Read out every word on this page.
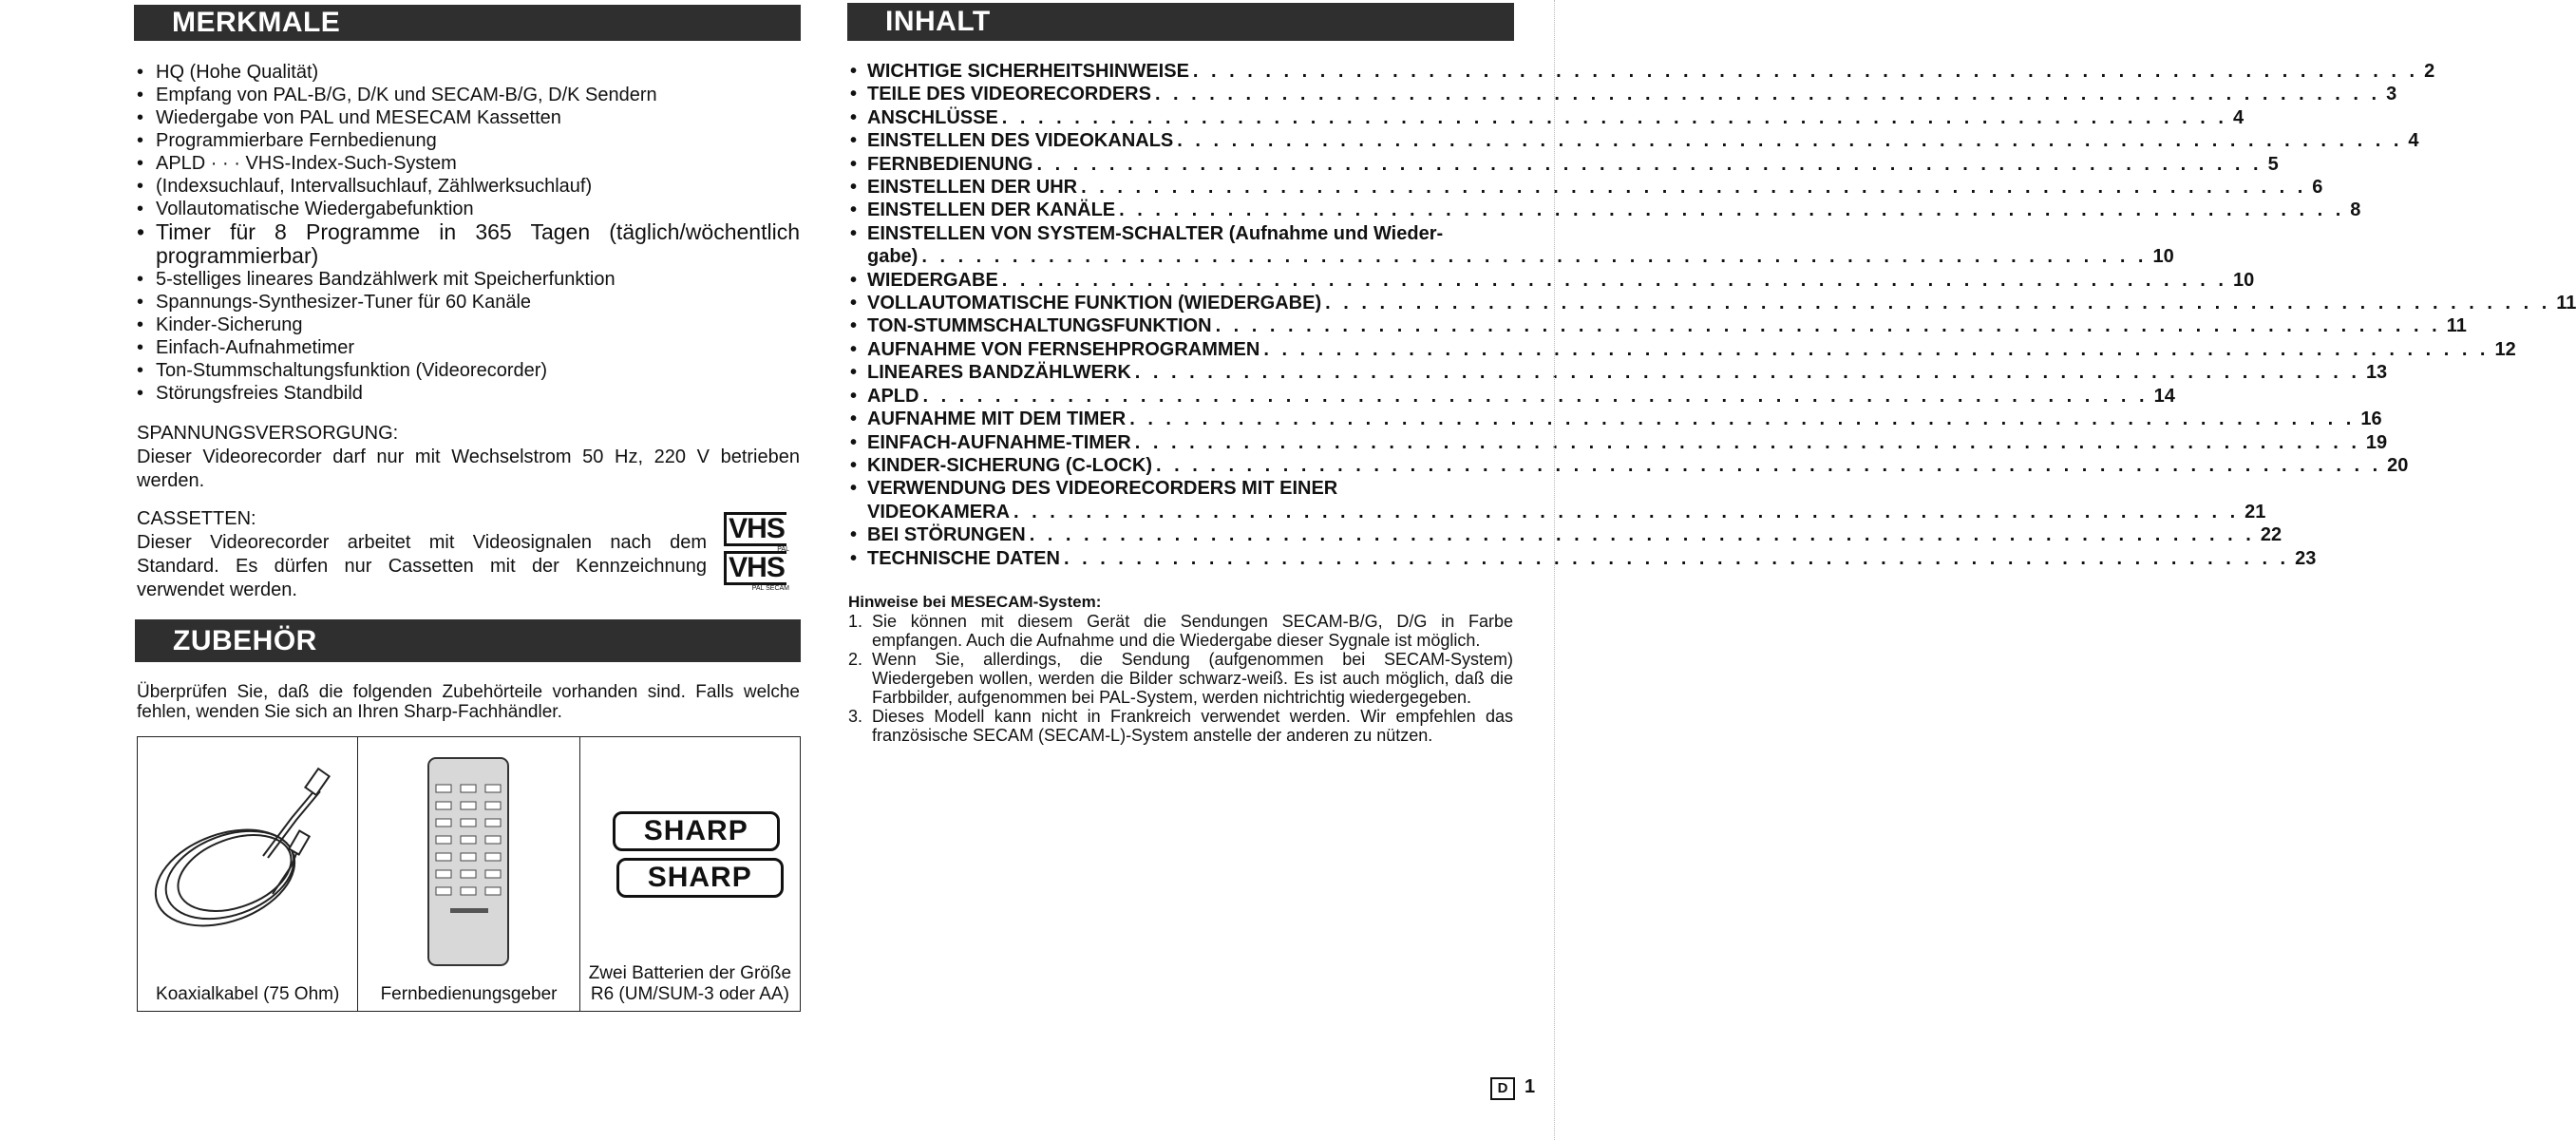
MERKMALE
• HQ (Hohe Qualität)
• Empfang von PAL-B/G, D/K und SECAM-B/G, D/K Sendern
• Wiedergabe von PAL und MESECAM Kassetten
• Programmierbare Fernbedienung
• APLD · · · VHS-Index-Such-System
• (Indexsuchlauf, Intervallsuchlauf, Zählwerksuchlauf)
• Vollautomatische Wiedergabefunktion
• Timer für 8 Programme in 365 Tagen (täglich/wöchentlich programmierbar)
• 5-stelliges lineares Bandzählwerk mit Speicherfunktion
• Spannungs-Synthesizer-Tuner für 60 Kanäle
• Kinder-Sicherung
• Einfach-Aufnahmetimer
• Ton-Stummschaltungsfunktion (Videorecorder)
• Störungsfreies Standbild
SPANNUNGSVERSORGUNG:

Dieser Videorecorder darf nur mit Wechselstrom 50 Hz, 220 V betrieben werden.

CASSETTEN:

Dieser Videorecorder arbeitet mit Videosignalen nach dem Standard. Es dürfen nur Cassetten mit der Kennzeichnung verwendet werden.

VHS
PAL
VHS
PAL SECAM
ZUBEHÖR

Überprüfen Sie, daß die folgenden Zubehörteile vorhanden sind. Falls welche fehlen, wenden Sie sich an Ihren Sharp-Fachhändler.

Koaxialkabel (75 Ohm)	Fernbedienungsgeber	
SHARP
SHARP
Zwei Batterien der Größe R6 (UM/SUM-3 oder AA)
INHALT
• WICHTIGE SICHERHEITSHINWEISE . . . . . . . . . . . . . . . . . . . . . . . . . . . . . . . . . . . . . . . . . . . . . . . . . . . . . . . . . . . . . . . . . . . . 2
• TEILE DES VIDEORECORDERS . . . . . . . . . . . . . . . . . . . . . . . . . . . . . . . . . . . . . . . . . . . . . . . . . . . . . . . . . . . . . . . . . . . . 3
• ANSCHLÜSSE . . . . . . . . . . . . . . . . . . . . . . . . . . . . . . . . . . . . . . . . . . . . . . . . . . . . . . . . . . . . . . . . . . . . 4
• EINSTELLEN DES VIDEOKANALS . . . . . . . . . . . . . . . . . . . . . . . . . . . . . . . . . . . . . . . . . . . . . . . . . . . . . . . . . . . . . . . . . . . . 4
• FERNBEDIENUNG . . . . . . . . . . . . . . . . . . . . . . . . . . . . . . . . . . . . . . . . . . . . . . . . . . . . . . . . . . . . . . . . . . . . 5
• EINSTELLEN DER UHR . . . . . . . . . . . . . . . . . . . . . . . . . . . . . . . . . . . . . . . . . . . . . . . . . . . . . . . . . . . . . . . . . . . . 6
• EINSTELLEN DER KANÄLE . . . . . . . . . . . . . . . . . . . . . . . . . . . . . . . . . . . . . . . . . . . . . . . . . . . . . . . . . . . . . . . . . . . . 8
• EINSTELLEN VON SYSTEM-SCHALTER (Aufnahme und Wieder-
gabe) . . . . . . . . . . . . . . . . . . . . . . . . . . . . . . . . . . . . . . . . . . . . . . . . . . . . . . . . . . . . . . . . . . . . 10
• WIEDERGABE . . . . . . . . . . . . . . . . . . . . . . . . . . . . . . . . . . . . . . . . . . . . . . . . . . . . . . . . . . . . . . . . . . . . 10
• VOLLAUTOMATISCHE FUNKTION (WIEDERGABE) . . . . . . . . . . . . . . . . . . . . . . . . . . . . . . . . . . . . . . . . . . . . . . . . . . . . . . . . . . . . . . . . . . . . 11
• TON-STUMMSCHALTUNGSFUNKTION . . . . . . . . . . . . . . . . . . . . . . . . . . . . . . . . . . . . . . . . . . . . . . . . . . . . . . . . . . . . . . . . . . . . 11
• AUFNAHME VON FERNSEHPROGRAMMEN . . . . . . . . . . . . . . . . . . . . . . . . . . . . . . . . . . . . . . . . . . . . . . . . . . . . . . . . . . . . . . . . . . . . 12
• LINEARES BANDZÄHLWERK . . . . . . . . . . . . . . . . . . . . . . . . . . . . . . . . . . . . . . . . . . . . . . . . . . . . . . . . . . . . . . . . . . . . 13
• APLD . . . . . . . . . . . . . . . . . . . . . . . . . . . . . . . . . . . . . . . . . . . . . . . . . . . . . . . . . . . . . . . . . . . . 14
• AUFNAHME MIT DEM TIMER . . . . . . . . . . . . . . . . . . . . . . . . . . . . . . . . . . . . . . . . . . . . . . . . . . . . . . . . . . . . . . . . . . . . 16
• EINFACH-AUFNAHME-TIMER . . . . . . . . . . . . . . . . . . . . . . . . . . . . . . . . . . . . . . . . . . . . . . . . . . . . . . . . . . . . . . . . . . . . 19
• KINDER-SICHERUNG (C-LOCK) . . . . . . . . . . . . . . . . . . . . . . . . . . . . . . . . . . . . . . . . . . . . . . . . . . . . . . . . . . . . . . . . . . . . 20
• VERWENDUNG DES VIDEORECORDERS MIT EINER
VIDEOKAMERA . . . . . . . . . . . . . . . . . . . . . . . . . . . . . . . . . . . . . . . . . . . . . . . . . . . . . . . . . . . . . . . . . . . . 21
• BEI STÖRUNGEN . . . . . . . . . . . . . . . . . . . . . . . . . . . . . . . . . . . . . . . . . . . . . . . . . . . . . . . . . . . . . . . . . . . . 22
• TECHNISCHE DATEN . . . . . . . . . . . . . . . . . . . . . . . . . . . . . . . . . . . . . . . . . . . . . . . . . . . . . . . . . . . . . . . . . . . . 23
Hinweise bei MESECAM-System:
1. Sie können mit diesem Gerät die Sendungen SECAM-B/G, D/G in Farbe empfangen. Auch die Aufnahme und die Wiedergabe dieser Sygnale ist möglich.
2. Wenn Sie, allerdings, die Sendung (aufgenommen bei SECAM-System) Wiedergeben wollen, werden die Bilder schwarz-weiß. Es ist auch möglich, daß die Farbbilder, aufgenommen bei PAL-System, werden nichtrichtig wiedergegeben.
3. Dieses Modell kann nicht in Frankreich verwendet werden. Wir empfehlen das französische SECAM (SECAM-L)-System anstelle der anderen zu nützen.
D 1
